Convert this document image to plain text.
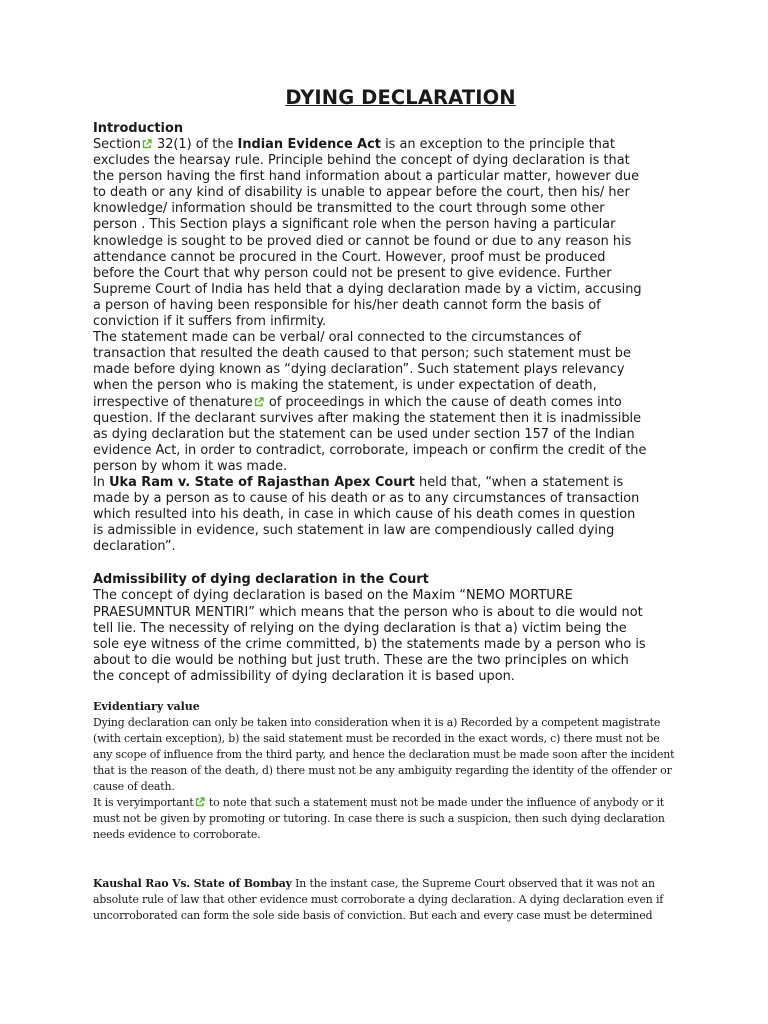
DYING DECLARATION
Introduction
Section 32(1) of the Indian Evidence Act is an exception to the principle that
excludes the hearsay rule. Principle behind the concept of dying declaration is that
the person having the first hand information about a particular matter, however due
to death or any kind of disability is unable to appear before the court, then his/ her
knowledge/ information should be transmitted to the court through some other
person . This Section plays a significant role when the person having a particular
knowledge is sought to be proved died or cannot be found or due to any reason his
attendance cannot be procured in the Court. However, proof must be produced
before the Court that why person could not be present to give evidence. Further
Supreme Court of India has held that a dying declaration made by a victim, accusing
a person of having been responsible for his/her death cannot form the basis of
conviction if it suffers from infirmity.
The statement made can be verbal/ oral connected to the circumstances of
transaction that resulted the death caused to that person; such statement must be
made before dying known as “dying declaration”. Such statement plays relevancy
when the person who is making the statement, is under expectation of death,
irrespective of thenature of proceedings in which the cause of death comes into
question. If the declarant survives after making the statement then it is inadmissible
as dying declaration but the statement can be used under section 157 of the Indian
evidence Act, in order to contradict, corroborate, impeach or confirm the credit of the
person by whom it was made.
In Uka Ram v. State of Rajasthan Apex Court held that, “when a statement is
made by a person as to cause of his death or as to any circumstances of transaction
which resulted into his death, in case in which cause of his death comes in question
is admissible in evidence, such statement in law are compendiously called dying
declaration”.
Admissibility of dying declaration in the Court
The concept of dying declaration is based on the Maxim “NEMO MORTURE
PRAESUMNTUR MENTIRI” which means that the person who is about to die would not
tell lie. The necessity of relying on the dying declaration is that a) victim being the
sole eye witness of the crime committed, b) the statements made by a person who is
about to die would be nothing but just truth. These are the two principles on which
the concept of admissibility of dying declaration it is based upon.
Evidentiary value
Dying declaration can only be taken into consideration when it is a) Recorded by a competent magistrate
(with certain exception), b) the said statement must be recorded in the exact words, c) there must not be
any scope of influence from the third party, and hence the declaration must be made soon after the incident
that is the reason of the death, d) there must not be any ambiguity regarding the identity of the offender or
cause of death.
It is veryimportant to note that such a statement must not be made under the influence of anybody or it
must not be given by promoting or tutoring. In case there is such a suspicion, then such dying declaration
needs evidence to corroborate.
Kaushal Rao Vs. State of Bombay In the instant case, the Supreme Court observed that it was not an
absolute rule of law that other evidence must corroborate a dying declaration. A dying declaration even if
uncorroborated can form the sole side basis of conviction. But each and every case must be determined
